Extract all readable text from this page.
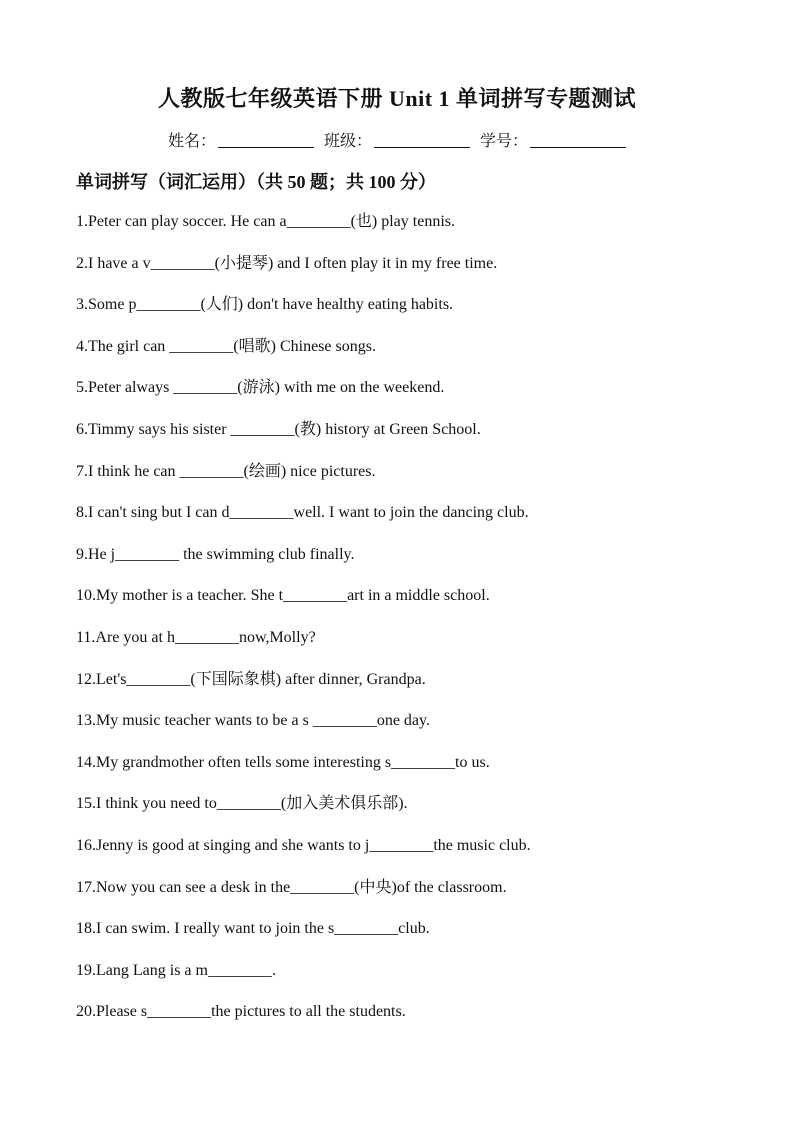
人教版七年级英语下册 Unit 1 单词拼写专题测试
姓名：	班级：	学号：
单词拼写（词汇运用）（共 50 题；共 100 分）
1.Peter can play soccer. He can a________(也) play tennis.
2.I have a v________(小提琴) and I often play it in my free time.
3.Some p________(人们) don't have healthy eating habits.
4.The girl can ________(唱歌) Chinese songs.
5.Peter always ________(游泳) with me on the weekend.
6.Timmy says his sister ________(教) history at Green School.
7.I think he can ________(绘画) nice pictures.
8.I can't sing but I can d________well. I want to join the dancing club.
9.He j________ the swimming club finally.
10.My mother is a teacher. She t________art in a middle school.
11.Are you at h________now,Molly?
12.Let's________(下国际象棋) after dinner, Grandpa.
13.My music teacher wants to be a s ________one day.
14.My grandmother often tells some interesting s________to us.
15.I think you need to________(加入美术俱乐部).
16.Jenny is good at singing and she wants to j________the music club.
17.Now you can see a desk in the________(中央)of the classroom.
18.I can swim. I really want to join the s________club.
19.Lang Lang is a m________.
20.Please s________the pictures to all the students.
